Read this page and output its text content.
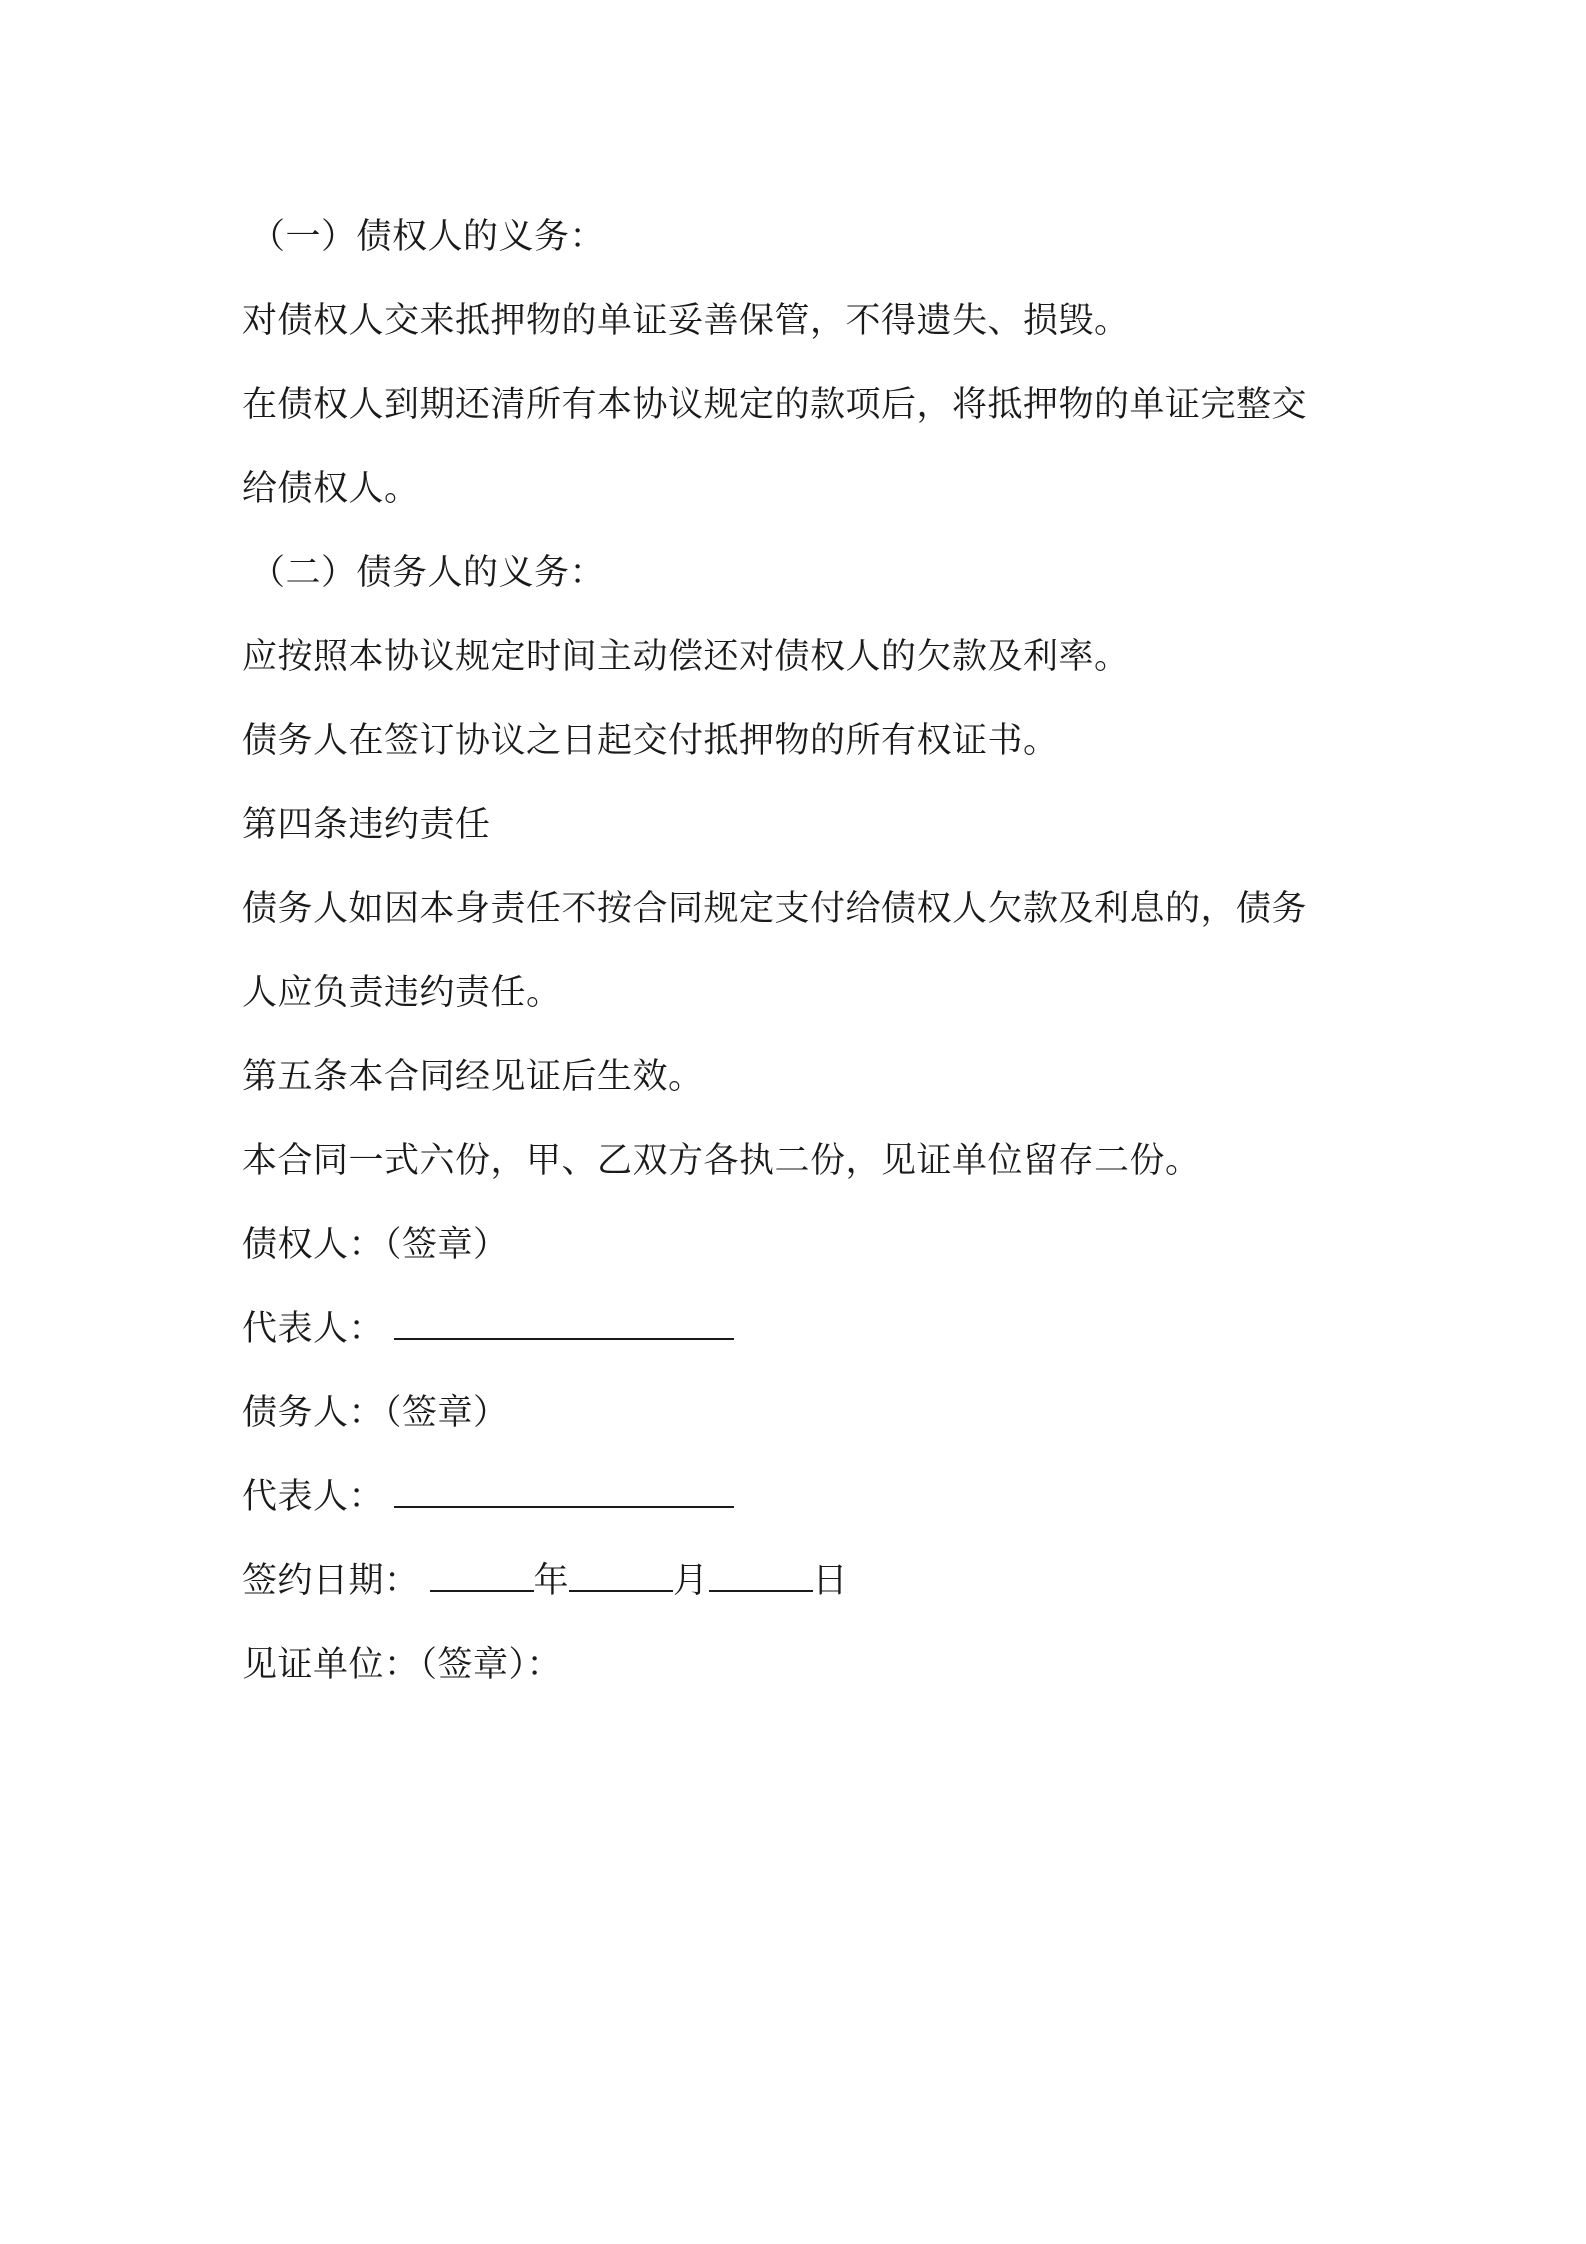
（一）债权人的义务：
对债权人交来抵押物的单证妥善保管，不得遗失、损毁。
在债权人到期还清所有本协议规定的款项后，将抵押物的单证完整交
给债权人。
（二）债务人的义务：
应按照本协议规定时间主动偿还对债权人的欠款及利率。
债务人在签订协议之日起交付抵押物的所有权证书。
第四条违约责任
债务人如因本身责任不按合同规定支付给债权人欠款及利息的，债务
人应负责违约责任。
第五条本合同经见证后生效。
本合同一式六份，甲、乙双方各执二份，见证单位留存二份。
债权人：（签章）
代表人：
债务人：（签章）
代表人：
签约日期：	年	月	日
见证单位：（签章）：
